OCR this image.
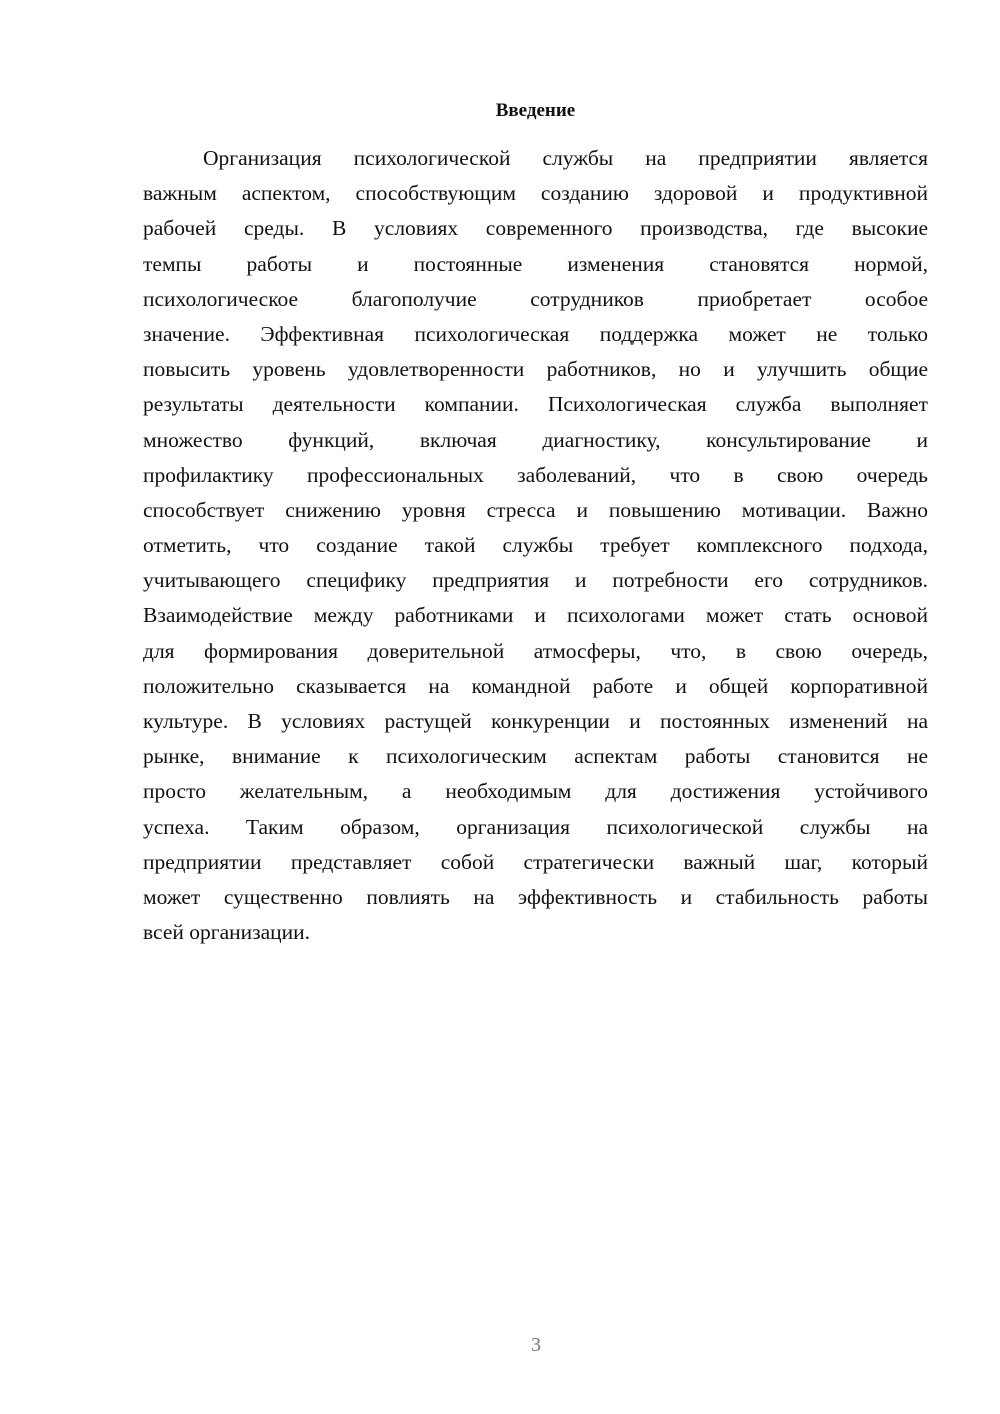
Введение
Организация психологической службы на предприятии является
важным аспектом, способствующим созданию здоровой и продуктивной
рабочей среды. В условиях современного производства, где высокие
темпы работы и постоянные изменения становятся нормой,
психологическое благополучие сотрудников приобретает особое
значение. Эффективная психологическая поддержка может не только
повысить уровень удовлетворенности работников, но и улучшить общие
результаты деятельности компании. Психологическая служба выполняет
множество функций, включая диагностику, консультирование и
профилактику профессиональных заболеваний, что в свою очередь
способствует снижению уровня стресса и повышению мотивации. Важно
отметить, что создание такой службы требует комплексного подхода,
учитывающего специфику предприятия и потребности его сотрудников.
Взаимодействие между работниками и психологами может стать основой
для формирования доверительной атмосферы, что, в свою очередь,
положительно сказывается на командной работе и общей корпоративной
культуре. В условиях растущей конкуренции и постоянных изменений на
рынке, внимание к психологическим аспектам работы становится не
просто желательным, а необходимым для достижения устойчивого
успеха. Таким образом, организация психологической службы на
предприятии представляет собой стратегически важный шаг, который
может существенно повлиять на эффективность и стабильность работы
всей организации.
3
